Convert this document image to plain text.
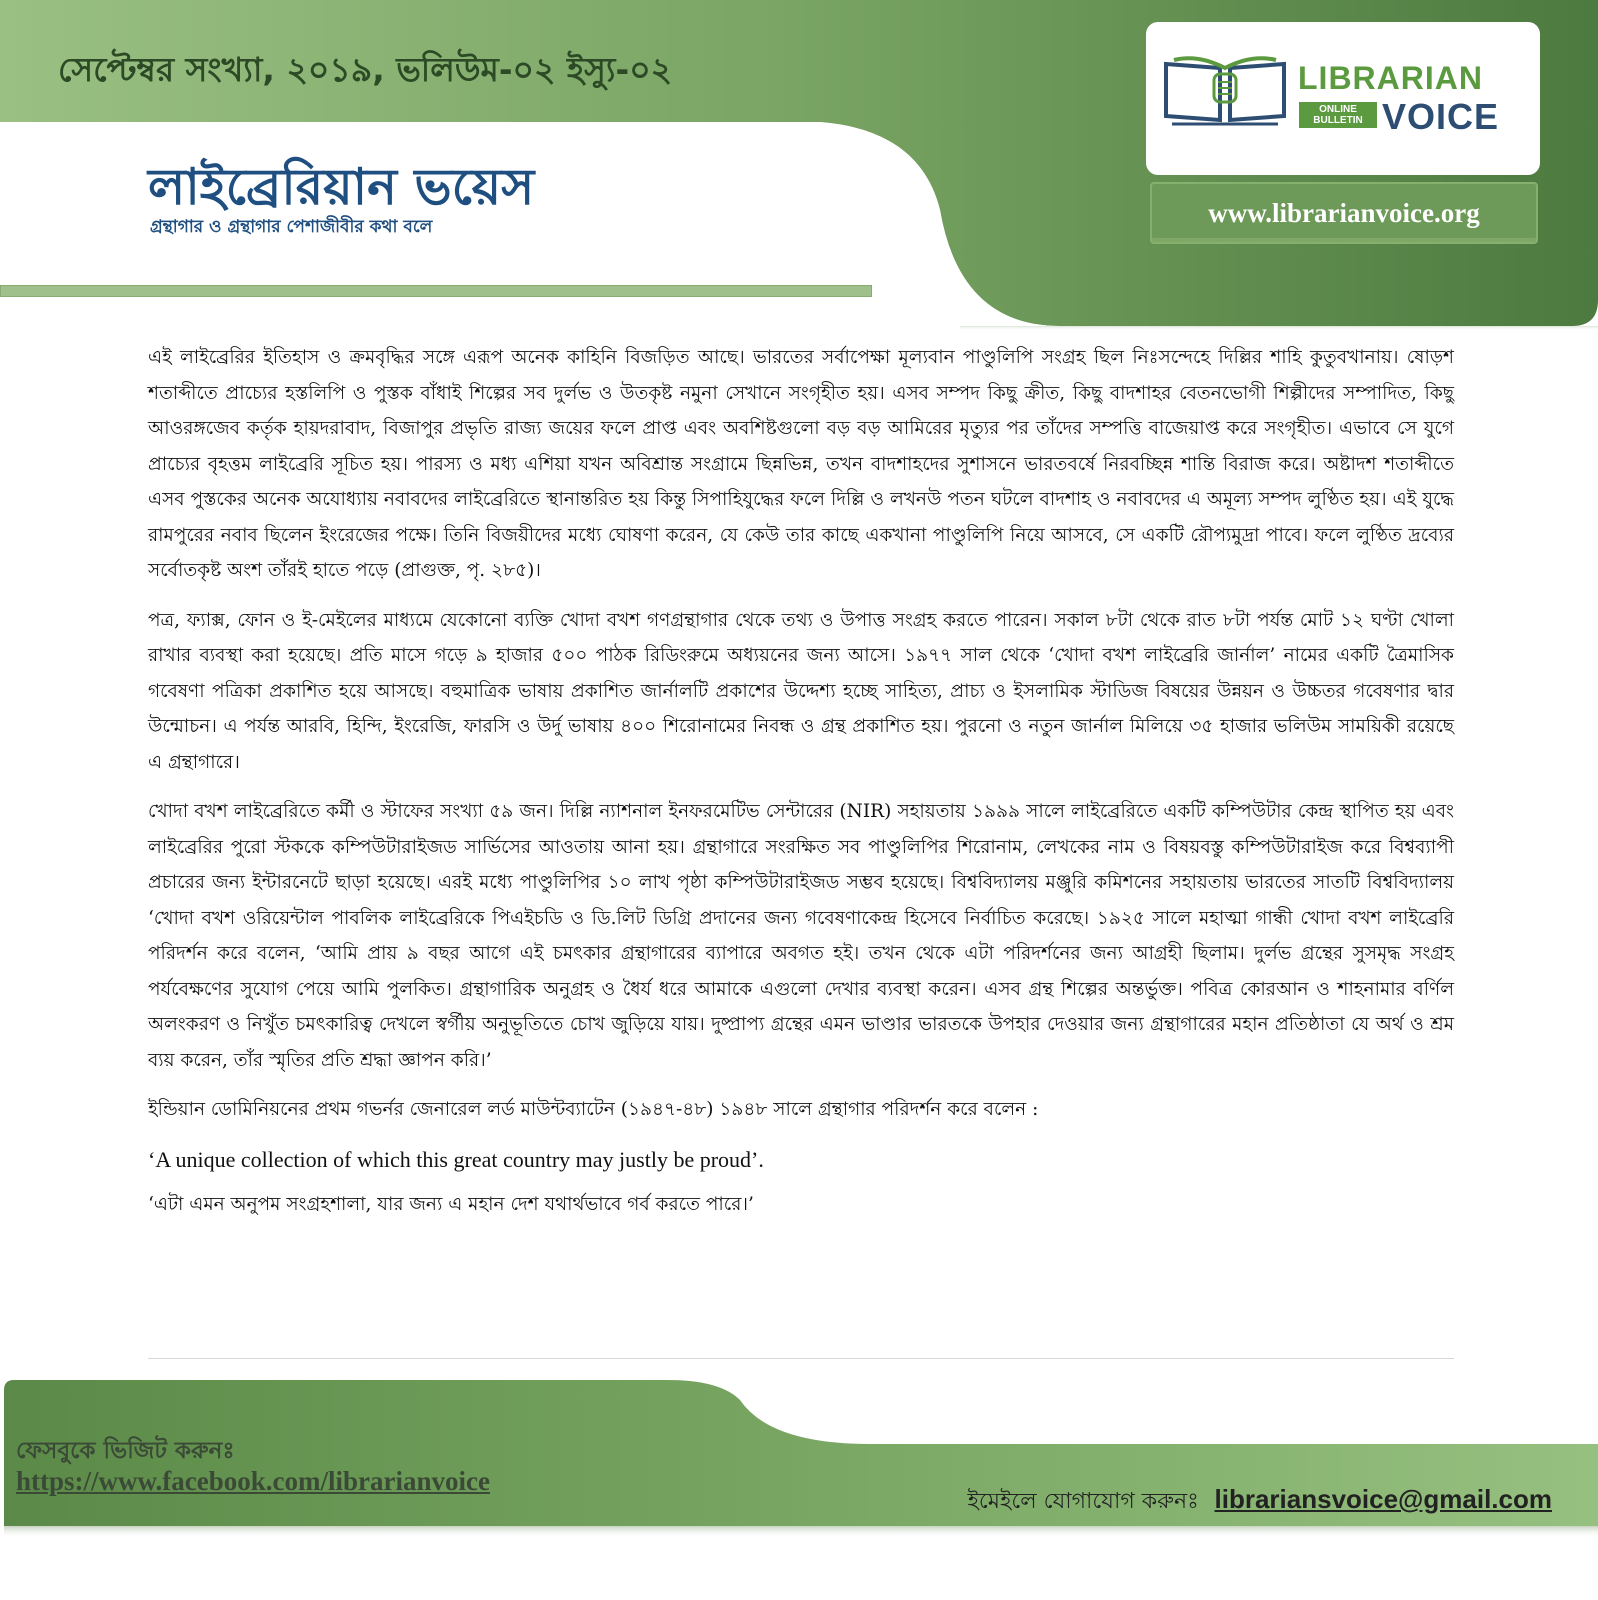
সেপ্টেম্বর সংখ্যা, ২০১৯, ভলিউম-০২ ইস্যু-০২
লাইব্রেরিয়ান ভয়েস
গ্রন্থাগার ও গ্রন্থাগার পেশাজীবীর কথা বলে
LIBRARIAN
ONLINE
BULLETIN VOICE
www.librarianvoice.org

এই লাইব্রেরির ইতিহাস ও ক্রমবৃদ্ধির সঙ্গে এরূপ অনেক কাহিনি বিজড়িত আছে। ভারতের সর্বাপেক্ষা মূল্যবান পাণ্ডুলিপি সংগ্রহ ছিল নিঃসন্দেহে দিল্লির শাহি কুতুবখানায়। ষোড়শ শতাব্দীতে প্রাচ্যের হস্তলিপি ও পুস্তক বাঁধাই শিল্পের সব দুর্লভ ও উতকৃষ্ট নমুনা সেখানে সংগৃহীত হয়। এসব সম্পদ কিছু ক্রীত, কিছু বাদশাহর বেতনভোগী শিল্পীদের সম্পাদিত, কিছু আওরঙ্গজেব কর্তৃক হায়দরাবাদ, বিজাপুর প্রভৃতি রাজ্য জয়ের ফলে প্রাপ্ত এবং অবশিষ্টগুলো বড় বড় আমিরের মৃত্যুর পর তাঁদের সম্পত্তি বাজেয়াপ্ত করে সংগৃহীত। এভাবে সে যুগে প্রাচ্যের বৃহত্তম লাইব্রেরি সূচিত হয়। পারস্য ও মধ্য এশিয়া যখন অবিশ্রান্ত সংগ্রামে ছিন্নভিন্ন, তখন বাদশাহদের সুশাসনে ভারতবর্ষে নিরবচ্ছিন্ন শান্তি বিরাজ করে। অষ্টাদশ শতাব্দীতে এসব পুস্তকের অনেক অযোধ্যায় নবাবদের লাইব্রেরিতে স্থানান্তরিত হয় কিন্তু সিপাহিযুদ্ধের ফলে দিল্লি ও লখনউ পতন ঘটলে বাদশাহ ও নবাবদের এ অমূল্য সম্পদ লুণ্ঠিত হয়। এই যুদ্ধে রামপুরের নবাব ছিলেন ইংরেজের পক্ষে। তিনি বিজয়ীদের মধ্যে ঘোষণা করেন, যে কেউ তার কাছে একখানা পাণ্ডুলিপি নিয়ে আসবে, সে একটি রৌপ্যমুদ্রা পাবে। ফলে লুণ্ঠিত দ্রব্যের সর্বোতকৃষ্ট অংশ তাঁরই হাতে পড়ে (প্রাগুক্ত, পৃ. ২৮৫)।

পত্র, ফ্যাক্স, ফোন ও ই-মেইলের মাধ্যমে যেকোনো ব্যক্তি খোদা বখশ গণগ্রন্থাগার থেকে তথ্য ও উপাত্ত সংগ্রহ করতে পারেন। সকাল ৮টা থেকে রাত ৮টা পর্যন্ত মোট ১২ ঘণ্টা খোলা রাখার ব্যবস্থা করা হয়েছে। প্রতি মাসে গড়ে ৯ হাজার ৫০০ পাঠক রিডিংরুমে অধ্যয়নের জন্য আসে। ১৯৭৭ সাল থেকে ‘খোদা বখশ লাইব্রেরি জার্নাল’ নামের একটি ত্রৈমাসিক গবেষণা পত্রিকা প্রকাশিত হয়ে আসছে। বহুমাত্রিক ভাষায় প্রকাশিত জার্নালটি প্রকাশের উদ্দেশ্য হচ্ছে সাহিত্য, প্রাচ্য ও ইসলামিক স্টাডিজ বিষয়ের উন্নয়ন ও উচ্চতর গবেষণার দ্বার উন্মোচন। এ পর্যন্ত আরবি, হিন্দি, ইংরেজি, ফারসি ও উর্দু ভাষায় ৪০০ শিরোনামের নিবন্ধ ও গ্রন্থ প্রকাশিত হয়। পুরনো ও নতুন জার্নাল মিলিয়ে ৩৫ হাজার ভলিউম সাময়িকী রয়েছে এ গ্রন্থাগারে।

খোদা বখশ লাইব্রেরিতে কর্মী ও স্টাফের সংখ্যা ৫৯ জন। দিল্লি ন্যাশনাল ইনফরমেটিভ সেন্টারের (NIR) সহায়তায় ১৯৯৯ সালে লাইব্রেরিতে একটি কম্পিউটার কেন্দ্র স্থাপিত হয় এবং লাইব্রেরির পুরো স্টককে কম্পিউটারাইজড সার্ভিসের আওতায় আনা হয়। গ্রন্থাগারে সংরক্ষিত সব পাণ্ডুলিপির শিরোনাম, লেখকের নাম ও বিষয়বস্তু কম্পিউটারাইজ করে বিশ্বব্যাপী প্রচারের জন্য ইন্টারনেটে ছাড়া হয়েছে। এরই মধ্যে পাণ্ডুলিপির ১০ লাখ পৃষ্ঠা কম্পিউটারাইজড সম্ভব হয়েছে। বিশ্ববিদ্যালয় মঞ্জুরি কমিশনের সহায়তায় ভারতের সাতটি বিশ্ববিদ্যালয় ‘খোদা বখশ ওরিয়েন্টাল পাবলিক লাইব্রেরিকে পিএইচডি ও ডি.লিট ডিগ্রি প্রদানের জন্য গবেষণাকেন্দ্র হিসেবে নির্বাচিত করেছে। ১৯২৫ সালে মহাত্মা গান্ধী খোদা বখশ লাইব্রেরি পরিদর্শন করে বলেন, ‘আমি প্রায় ৯ বছর আগে এই চমৎকার গ্রন্থাগারের ব্যাপারে অবগত হই। তখন থেকে এটা পরিদর্শনের জন্য আগ্রহী ছিলাম। দুর্লভ গ্রন্থের সুসমৃদ্ধ সংগ্রহ পর্যবেক্ষণের সুযোগ পেয়ে আমি পুলকিত। গ্রন্থাগারিক অনুগ্রহ ও ধৈর্য ধরে আমাকে এগুলো দেখার ব্যবস্থা করেন। এসব গ্রন্থ শিল্পের অন্তর্ভুক্ত। পবিত্র কোরআন ও শাহনামার বর্ণিল অলংকরণ ও নিখুঁত চমৎকারিত্ব দেখলে স্বর্গীয় অনুভূতিতে চোখ জুড়িয়ে যায়। দুষ্প্রাপ্য গ্রন্থের এমন ভাণ্ডার ভারতকে উপহার দেওয়ার জন্য গ্রন্থাগারের মহান প্রতিষ্ঠাতা যে অর্থ ও শ্রম ব্যয় করেন, তাঁর স্মৃতির প্রতি শ্রদ্ধা জ্ঞাপন করি।’

ইন্ডিয়ান ডোমিনিয়নের প্রথম গভর্নর জেনারেল লর্ড মাউন্টব্যাটেন (১৯৪৭-৪৮) ১৯৪৮ সালে গ্রন্থাগার পরিদর্শন করে বলেন :

‘A unique collection of which this great country may justly be proud’.

‘এটা এমন অনুপম সংগ্রহশালা, যার জন্য এ মহান দেশ যথার্থভাবে গর্ব করতে পারে।’

ফেসবুকে ভিজিট করুনঃ
https://www.facebook.com/librarianvoice
ইমেইলে যোগাযোগ করুনঃ librariansvoice@gmail.com
